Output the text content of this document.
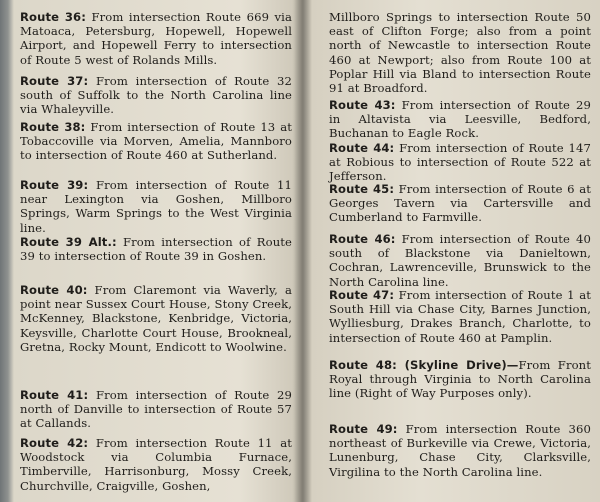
Route 36: From intersection Route 669 via Matoaca, Petersburg, Hopewell, Hopewell Airport, and Hopewell Ferry to intersection of Route 5 west of Rolands Mills.
Route 37: From intersection of Route 32 south of Suffolk to the North Carolina line via Whaleyville.
Route 38: From intersection of Route 13 at Tobaccoville via Morven, Amelia, Mannboro to intersection of Route 460 at Sutherland.
Route 39: From intersection of Route 11 near Lexington via Goshen, Millboro Springs, Warm Springs to the West Virginia line.
Route 39 Alt.: From intersection of Route 39 to intersection of Route 39 in Goshen.
Route 40: From Claremont via Waverly, a point near Sussex Court House, Stony Creek, McKenney, Blackstone, Kenbridge, Victoria, Keysville, Charlotte Court House, Brookneal, Gretna, Rocky Mount, Endicott to Woolwine.
Route 41: From intersection of Route 29 north of Danville to intersection of Route 57 at Callands.
Route 42: From intersection Route 11 at Woodstock via Columbia Furnace, Timberville, Harrisonburg, Mossy Creek, Churchville, Craigville, Goshen,
Millboro Springs to intersection Route 50 east of Clifton Forge; also from a point north of Newcastle to intersection Route 460 at Newport; also from Route 100 at Poplar Hill via Bland to intersection Route 91 at Broadford.
Route 43: From intersection of Route 29 in Altavista via Leesville, Bedford, Buchanan to Eagle Rock.
Route 44: From intersection of Route 147 at Robious to intersection of Route 522 at Jefferson.
Route 45: From intersection of Route 6 at Georges Tavern via Cartersville and Cumberland to Farmville.
Route 46: From intersection of Route 40 south of Blackstone via Danieltown, Cochran, Lawrenceville, Brunswick to the North Carolina line.
Route 47: From intersection of Route 1 at South Hill via Chase City, Barnes Junction, Wylliesburg, Drakes Branch, Charlotte, to intersection of Route 460 at Pamplin.
Route 48: (Skyline Drive)—From Front Royal through Virginia to North Carolina line (Right of Way Purposes only).
Route 49: From intersection Route 360 northeast of Burkeville via Crewe, Victoria, Lunenburg, Chase City, Clarksville, Virgilina to the North Carolina line.
